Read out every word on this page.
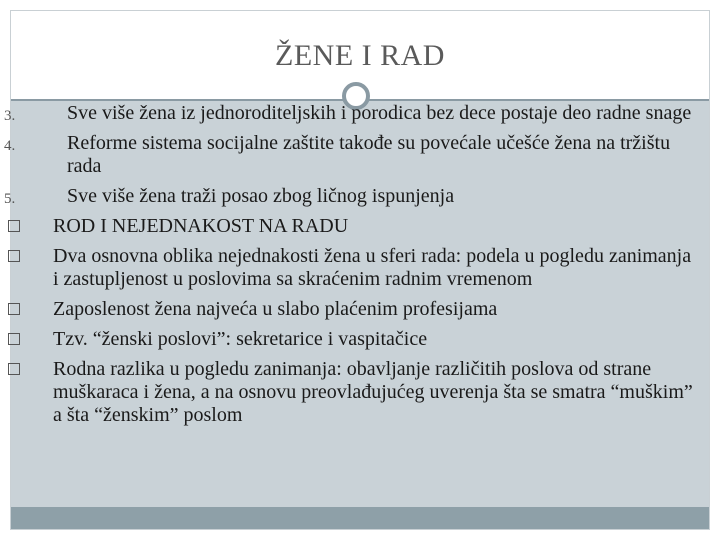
ŽENE I RAD
3.	Sve više žena iz jednoroditeljskih i porodica bez dece postaje deo radne snage
4.	Reforme sistema socijalne zaštite takođe su povećale učešće žena na tržištu rada
5.	Sve više žena traži posao zbog ličnog ispunjenja
ROD I NEJEDNAKOST NA RADU
Dva osnovna oblika nejednakosti žena u sferi rada: podela u pogledu zanimanja i zastupljenost u poslovima sa skraćenim radnim vremenom
Zaposlenost žena najveća u slabo plaćenim profesijama
Tzv. “ženski poslovi”: sekretarice i vaspitačice
Rodna razlika u pogledu zanimanja: obavljanje različitih poslova od strane muškaraca i žena, a na osnovu preovlađujućeg uverenja šta se smatra “muškim” a šta “ženskim” poslom
